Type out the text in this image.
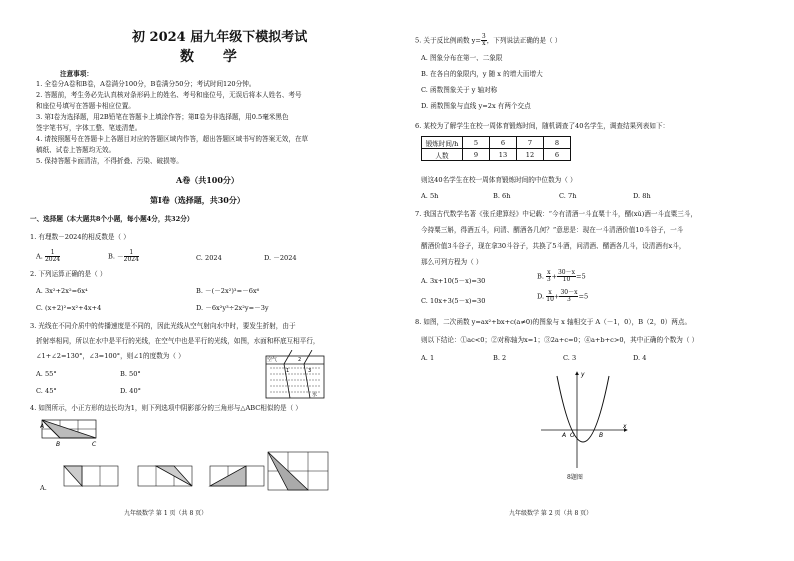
初 2024 届九年级下模拟考试
数 学
注意事项：
1. 全卷分A卷和B卷，A卷满分100分，B卷满分50分；考试时间120分钟。
2. 答题前，考生务必先认真核对条形码上的姓名、考号和座位号，无误后将本人姓名、考号
和座位号填写在答题卡相应位置。
3. 第Ⅰ卷为选择题，用2B铅笔在答题卡上填涂作答；第Ⅱ卷为非选择题，用0.5毫米黑色
签字笔书写，字体工整、笔迹清楚。
4. 请按照题号在答题卡上各题目对应的答题区域内作答，超出答题区域书写的答案无效，在草
稿纸、试卷上答题均无效。
5. 保持答题卡面清洁，不得折叠、污染、破损等。
A卷（共100分）
第Ⅰ卷（选择题，共30分）
一、选择题（本大题共8个小题，每小题4分，共32分）
1. 有理数－2024的相反数是（ ）
A. $\frac{1}{2024}$	B. － $\frac{1}{2024}$	C. 2024	D. －2024
2. 下列运算正确的是（ ）
A. 3x²+2x²=6x⁴	B. －(－2x²)³=－6x⁶
C. (x+2)²=x²+4x+4	D. －6x²y³÷2x²y=－3y
3. 光线在不同介质中的传播速度是不同的，因此光线从空气射向水中时，要发生折射，由于
折射率相同，所以在水中是平行的光线，在空气中也是平行的光线，如图，水面和杯底互相平行，
∠1+∠2=130°，∠3=100°，则∠1的度数为（ ）
A. 55°	B. 50°
C. 45°	D. 40°
空气
水
1
2
3
4. 如图所示，小正方形的边长均为1，则下列选项中阴影部分的三角形与△ABC相似的是（ ）
A
B	C
A.
九年级数学 第 1 页（共 8 页）
5. 关于反比例函数 $y= \frac{3}{x}$ ，下列说法正确的是（ ）
A. 图象分布在第一、二象限
B. 在各自的象限内，y 随 x 的增大而增大
C. 函数图象关于 y 轴对称
D. 函数图象与直线 y=2x 有两个交点
6. 某校为了解学生在校一周体育锻炼时间，随机调查了40名学生，调查结果列表如下：
锻炼时间/h	5	6	7	8
人数	9	13	12	6
则这40名学生在校一周体育锻炼时间的中位数为（ ）
A. 5h	B. 6h	C. 7h	D. 8h
7. 我国古代数学名著《张丘建算经》中记载：“今有清酒一斗直粟十斗，醑(xǔ)酒一斗直粟三斗，
今持粟三斛，得酒五斗，问清、醑酒各几何？”意思是：现在一斗清酒价值10斗谷子，一斗
醑酒价值3斗谷子，现在拿30斗谷子，共换了5斗酒，问清酒、醑酒各几斗，设清酒有x斗，
那么可列方程为（ ）
A. 3x+10(5－x)=30
B. $\frac{x}{3} + \frac{30-x}{10} =5$
C. 10x+3(5－x)=30
D. $\frac{x}{10} + \frac{30-x}{3} =5$
8. 如图，二次函数 y=ax²+bx+c(a≠0)的图象与 x 轴相交于 A（－1，0），B（2，0）两点。
则以下结论：①ac<0；②对称轴为x=1；③2a+c=0；④a+b+c>0，其中正确的个数为（ ）
A. 1	B. 2	C. 3	D. 4
y
x
A O	B
8题图
九年级数学 第 2 页（共 8 页）
